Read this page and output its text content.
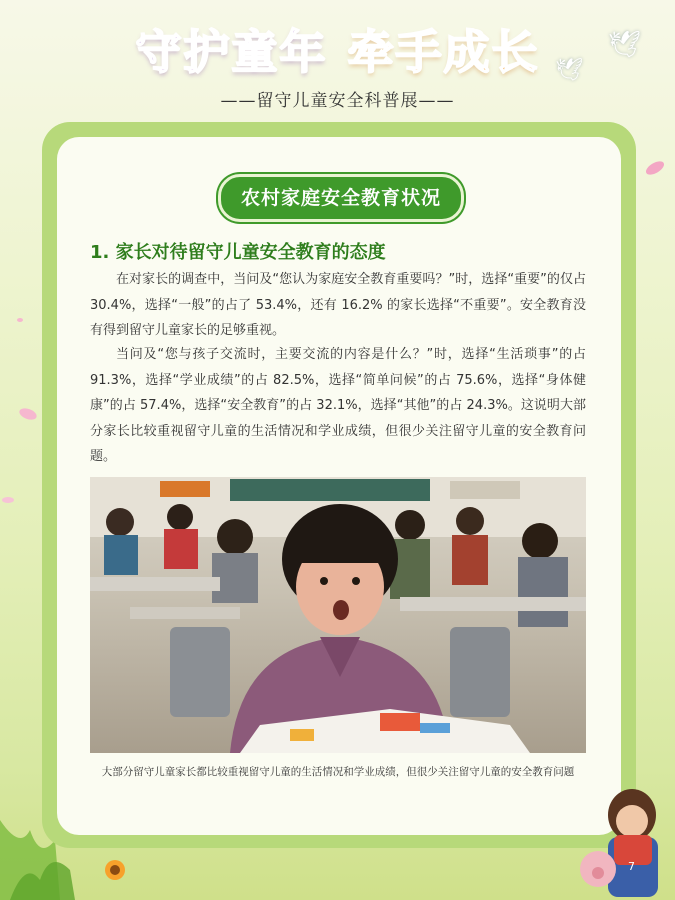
🕊
🕊
守护童年 牵手成长
——留守儿童安全科普展——
农村家庭安全教育状况
1. 家长对待留守儿童安全教育的态度

在对家长的调查中，当问及“您认为家庭安全教育重要吗？”时，选择“重要”的仅占 30.4%，选择“一般”的占了 53.4%，还有 16.2% 的家长选择“不重要”。安全教育没有得到留守儿童家长的足够重视。

当问及“您与孩子交流时，主要交流的内容是什么？”时，选择“生活琐事”的占 91.3%，选择“学业成绩”的占 82.5%，选择“简单问候”的占 75.6%，选择“身体健康”的占 57.4%，选择“安全教育”的占 32.1%，选择“其他”的占 24.3%。这说明大部分家长比较重视留守儿童的生活情况和学业成绩，但很少关注留守儿童的安全教育问题。

大部分留守儿童家长都比较重视留守儿童的生活情况和学业成绩，但很少关注留守儿童的安全教育问题
7
